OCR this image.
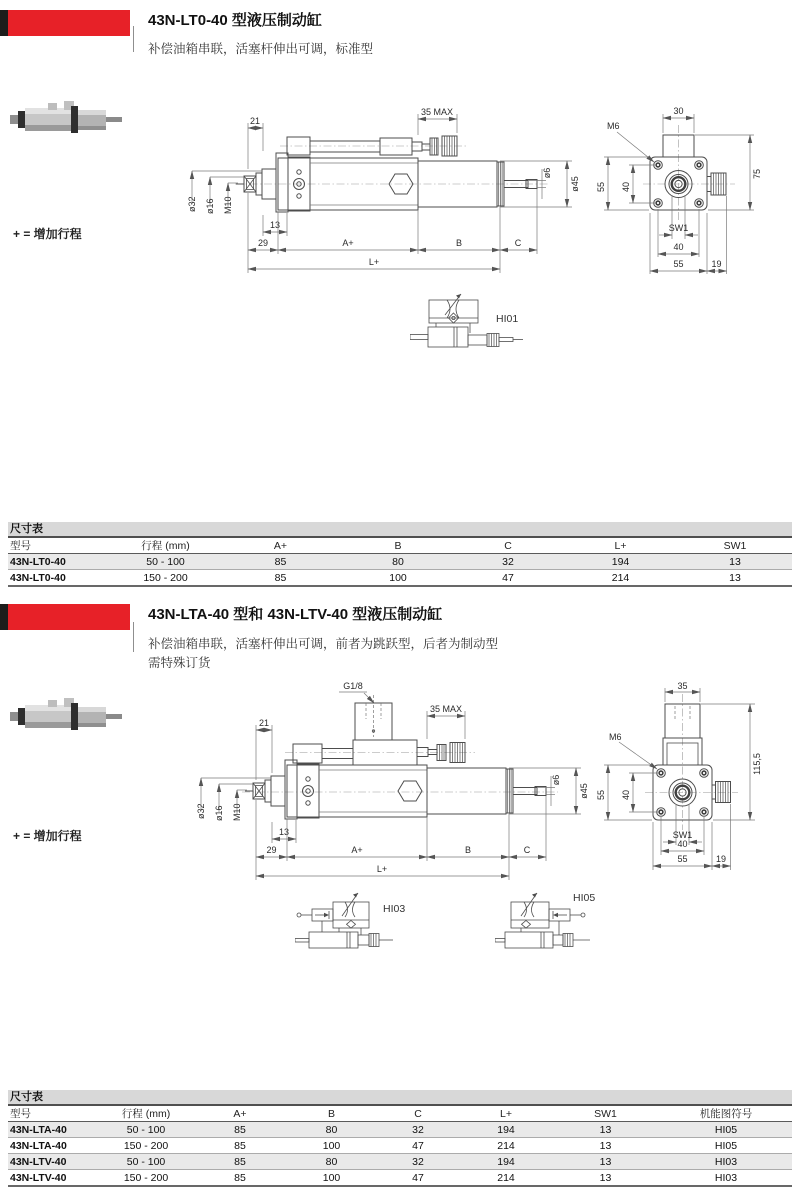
43N-LT0-40 型液压制动缸
补偿油箱串联，活塞杆伸出可调，标准型
+ = 增加行程
21
35 MAX
ø6
ø45
ø32 ø16 M10
13
29	A+	B	C
L+
30
M6
55 40
75
SW1
40
55	19
HI01
尺寸表
型号	行程 (mm)	A+	B	C	L+	SW1
43N-LT0-40	50 - 100	85	80	32	194	13
43N-LT0-40	150 - 200	85	100	47	214	13
43N-LTA-40 型和 43N-LTV-40 型液压制动缸
补偿油箱串联，活塞杆伸出可调，前者为跳跃型，后者为制动型
需特殊订货
+ = 增加行程
G1/8
21
35 MAX
ø6
ø45
ø32 ø16 M10
13
29	A+	B	C
L+
35
M6
55 40
115,5
SW1
40
55	19
HI03
HI05
尺寸表
型号	行程 (mm)	A+	B	C	L+	SW1	机能图符号
43N-LTA-40	50 - 100	85	80	32	194	13	HI05
43N-LTA-40	150 - 200	85	100	47	214	13	HI05
43N-LTV-40	50 - 100	85	80	32	194	13	HI03
43N-LTV-40	150 - 200	85	100	47	214	13	HI03
